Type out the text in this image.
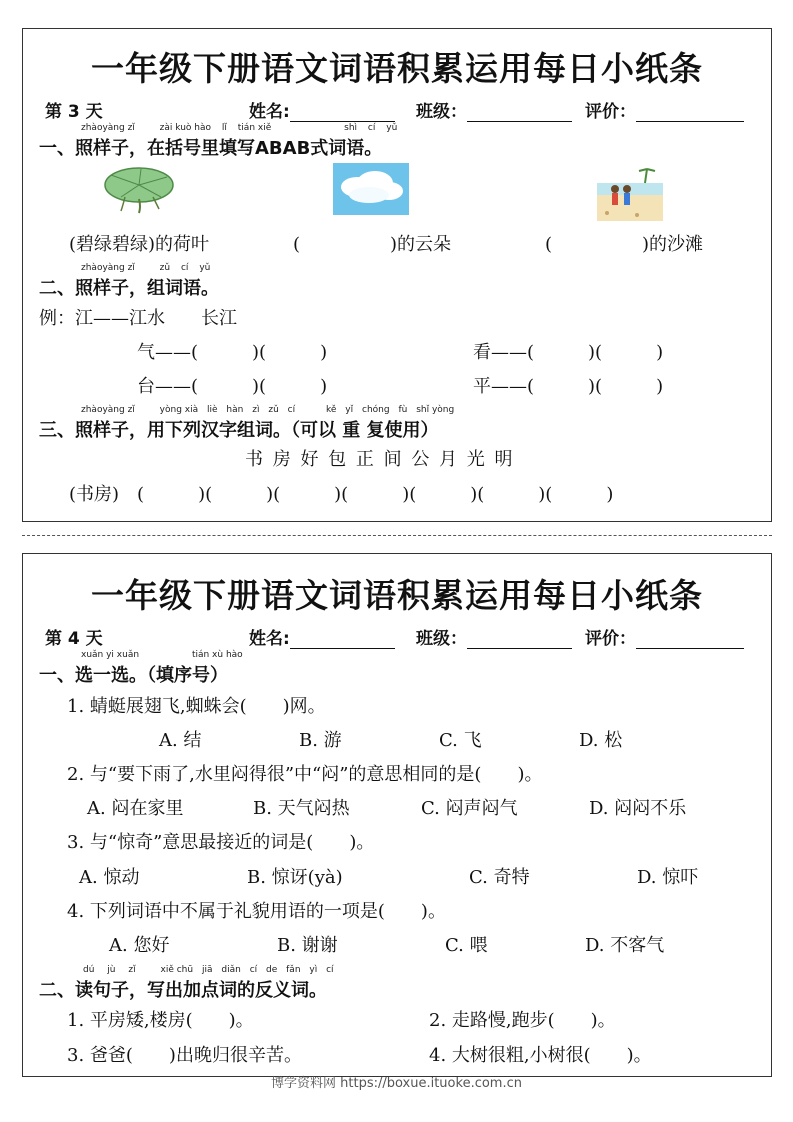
一年级下册语文词语积累运用每日小纸条
第 3 天	姓名:	班级：	评价：
zhàoyàng zǐ	zài kuò hào lǐ tián xiě	shì cí yǔ
一、照样子，在括号里填写ABAB式词语。
(碧绿碧绿)的荷叶	(　　　　　)的云朵	(　　　　　)的沙滩
zhàoyàng zǐ	zǔ cí yǔ
二、照样子，组词语。
例：江——江水　　长江
气——(　　　)(　　　)	看——(　　　)(　　　)
台——(　　　)(　　　)	平——(　　　)(　　　)
zhàoyàng zǐ	yòng xià liè hàn zì zǔ cí	kě yǐ chóng fù shǐ yòng
三、照样子，用下列汉字组词。（可以 重 复使用）
书 房 好 包 正 间 公 月 光 明
(书房)　(　　　)(　　　)(　　　)(　　　)(　　　)(　　　)(　　　)
一年级下册语文词语积累运用每日小纸条
第 4 天	姓名:	班级：	评价：
xuǎn yi xuǎn	tián xù hào
一、选一选。（填序号）
1. 蜻蜓展翅飞,蜘蛛会(　　)网。
A. 结	B. 游	C. 飞	D. 松
2. 与“要下雨了,水里闷得很”中“闷”的意思相同的是(　　)。
A. 闷在家里	B. 天气闷热	C. 闷声闷气	D. 闷闷不乐
3. 与“惊奇”意思最接近的词是(　　)。
A. 惊动	B. 惊讶(yà)	C. 奇特	D. 惊吓
4. 下列词语中不属于礼貌用语的一项是(　　)。
A. 您好	B. 谢谢	C. 喂	D. 不客气
dú jù zǐ	xiě chū jiā diǎn cí de fǎn yì cí
二、读句子，写出加点词的反义词。
1. 平房矮,楼房(　　)。	2. 走路慢,跑步(　　)。
3. 爸爸(　　)出晚归很辛苦。	4. 大树很粗,小树很(　　)。
博学资料网 https://boxue.ituoke.com.cn
